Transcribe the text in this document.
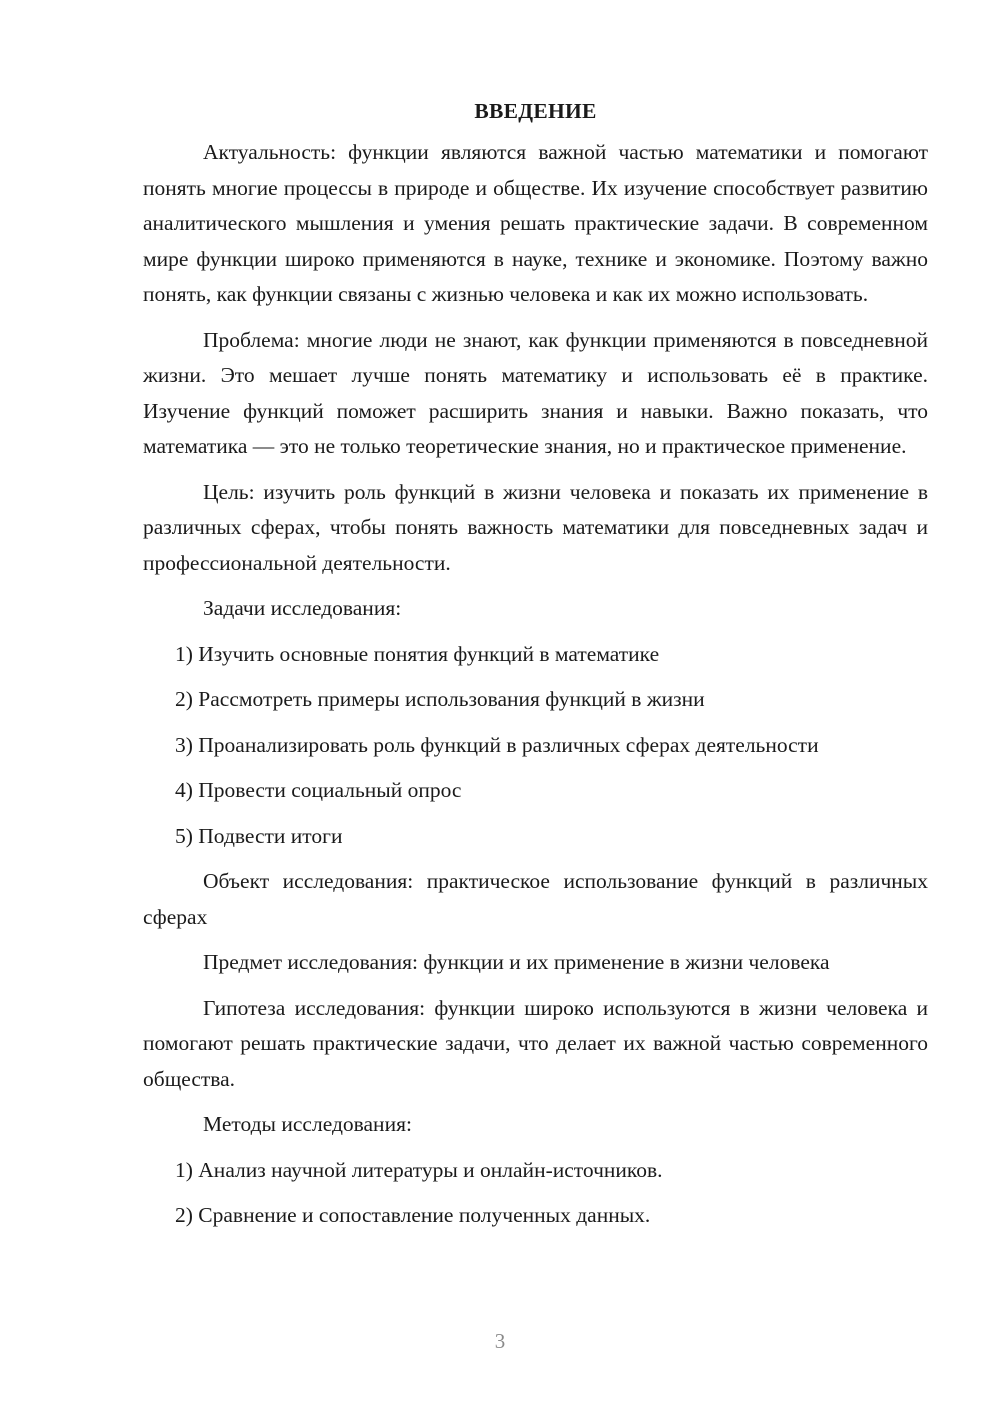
ВВЕДЕНИЕ

Актуальность: функции являются важной частью математики и помогают понять многие процессы в природе и обществе. Их изучение способствует развитию аналитического мышления и умения решать практические задачи. В современном мире функции широко применяются в науке, технике и экономике. Поэтому важно понять, как функции связаны с жизнью человека и как их можно использовать.

Проблема: многие люди не знают, как функции применяются в повседневной жизни. Это мешает лучше понять математику и использовать её в практике. Изучение функций поможет расширить знания и навыки. Важно показать, что математика — это не только теоретические знания, но и практическое применение.

Цель: изучить роль функций в жизни человека и показать их применение в различных сферах, чтобы понять важность математики для повседневных задач и профессиональной деятельности.

Задачи исследования:

1) Изучить основные понятия функций в математике

2) Рассмотреть примеры использования функций в жизни

3) Проанализировать роль функций в различных сферах деятельности

4) Провести социальный опрос

5) Подвести итоги

Объект исследования: практическое использование функций в различных сферах

Предмет исследования: функции и их применение в жизни человека

Гипотеза исследования: функции широко используются в жизни человека и помогают решать практические задачи, что делает их важной частью современного общества.

Методы исследования:

1) Анализ научной литературы и онлайн-источников.

2) Сравнение и сопоставление полученных данных.

3
